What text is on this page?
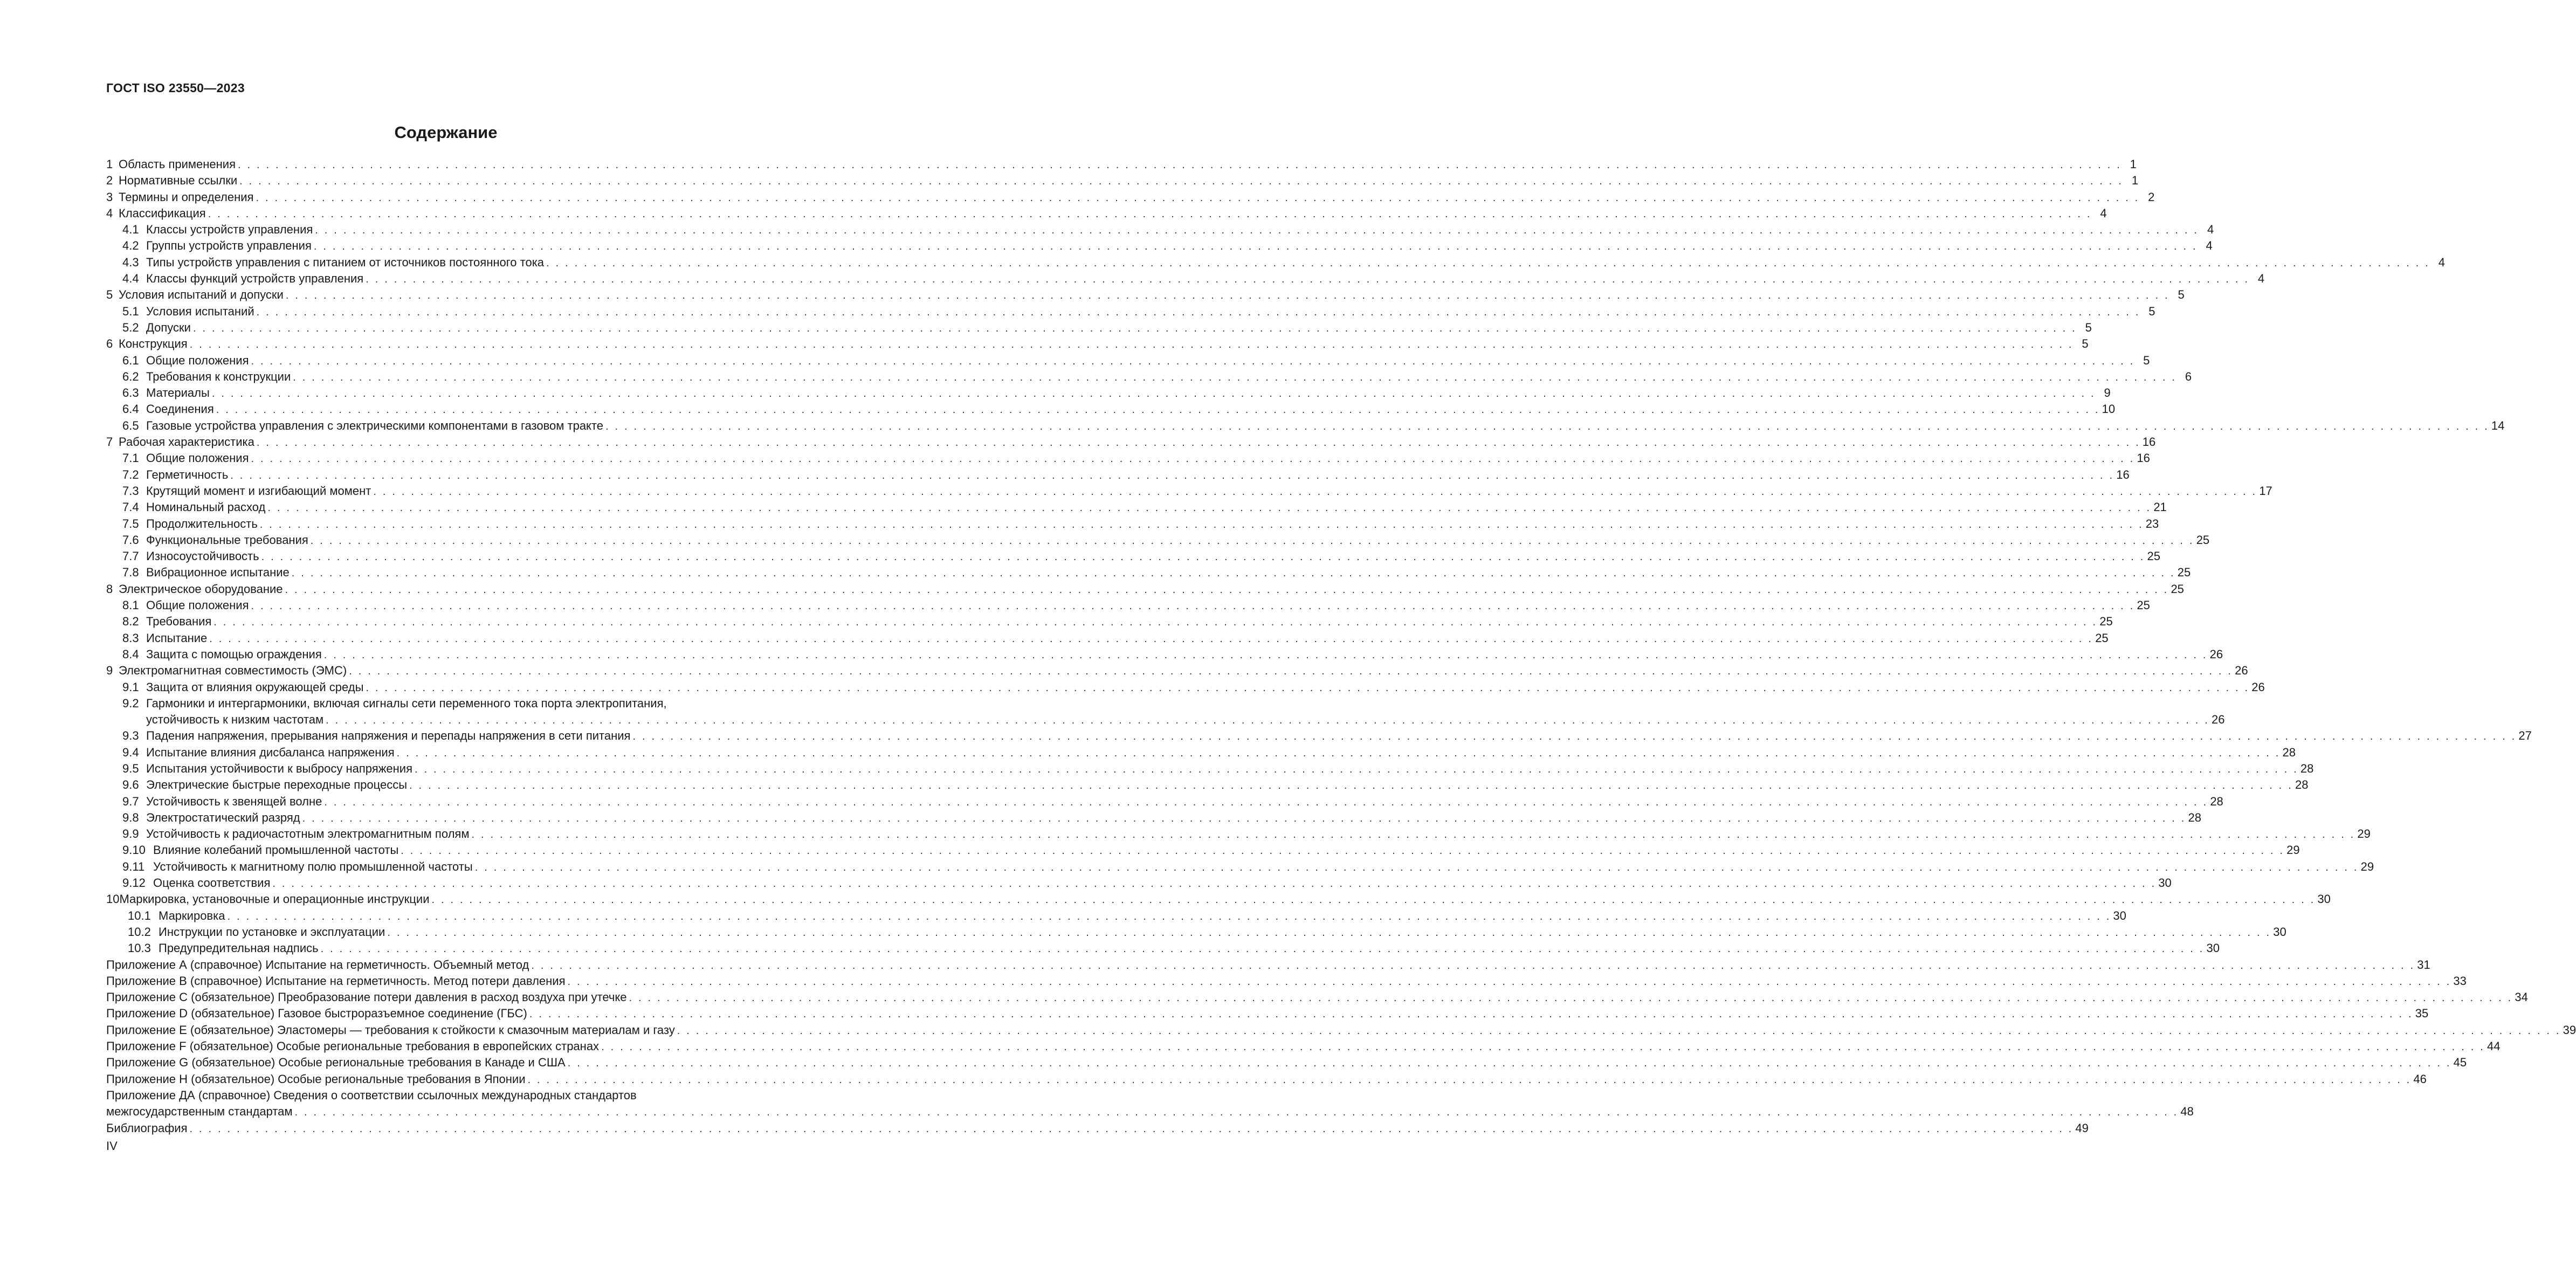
ГОСТ ISO 23550—2023
Содержание
1 Область применения . . . . . . . . . . . . . . . . . . . . . . . . . . . . . . . . . . . . . . . . . . . . . . . . . . . . . . . . . . . . . . . . . . . . . . . . . . . . . . . . . . . . . . . . . . . . . . . . . . . . . . . . . . . . . . . . . . . . . . . . . . . . . . . . . . . . . . . . . . . . . . . . . . . . . . . . . . . . . . . . . . . . . . . . . . . . . . . . . . . . . . . . . . . . . . . . . . . . . . . . 1
2 Нормативные ссылки . . . . . . . . . . . . . . . . . . . . . . . . . . . . . . . . . . . . . . . . . . . . . . . . . . . . . . . . . . . . . . . . . . . . . . . . . . . . . . . . . . . . . . . . . . . . . . . . . . . . . . . . . . . . . . . . . . . . . . . . . . . . . . . . . . . . . . . . . . . . . . . . . . . . . . . . . . . . . . . . . . . . . . . . . . . . . . . . . . . . . . . . . . . . . . . . . . . . . . . . 1
3 Термины и определения . . . . . . . . . . . . . . . . . . . . . . . . . . . . . . . . . . . . . . . . . . . . . . . . . . . . . . . . . . . . . . . . . . . . . . . . . . . . . . . . . . . . . . . . . . . . . . . . . . . . . . . . . . . . . . . . . . . . . . . . . . . . . . . . . . . . . . . . . . . . . . . . . . . . . . . . . . . . . . . . . . . . . . . . . . . . . . . . . . . . . . . . . . . . . . . . . . . . . . . . 2
4 Классификация . . . . . . . . . . . . . . . . . . . . . . . . . . . . . . . . . . . . . . . . . . . . . . . . . . . . . . . . . . . . . . . . . . . . . . . . . . . . . . . . . . . . . . . . . . . . . . . . . . . . . . . . . . . . . . . . . . . . . . . . . . . . . . . . . . . . . . . . . . . . . . . . . . . . . . . . . . . . . . . . . . . . . . . . . . . . . . . . . . . . . . . . . . . . . . . . . . . . . . . . 4
4.1 Классы устройств управления . . . . . . . . . . . . . . . . . . . . . . . . . . . . . . . . . . . . . . . . . . . . . . . . . . . . . . . . . . . . . . . . . . . . . . . . . . . . . . . . . . . . . . . . . . . . . . . . . . . . . . . . . . . . . . . . . . . . . . . . . . . . . . . . . . . . . . . . . . . . . . . . . . . . . . . . . . . . . . . . . . . . . . . . . . . . . . . . . . . . . . . . . . . . . . . . . . . . . . . . 4
4.2 Группы устройств управления . . . . . . . . . . . . . . . . . . . . . . . . . . . . . . . . . . . . . . . . . . . . . . . . . . . . . . . . . . . . . . . . . . . . . . . . . . . . . . . . . . . . . . . . . . . . . . . . . . . . . . . . . . . . . . . . . . . . . . . . . . . . . . . . . . . . . . . . . . . . . . . . . . . . . . . . . . . . . . . . . . . . . . . . . . . . . . . . . . . . . . . . . . . . . . . . . . . . . . . . 4
4.3 Типы устройств управления с питанием от источников постоянного тока . . . . . . . . . . . . . . . . . . . . . . . . . . . . . . . . . . . . . . . . . . . . . . . . . . . . . . . . . . . . . . . . . . . . . . . . . . . . . . . . . . . . . . . . . . . . . . . . . . . . . . . . . . . . . . . . . . . . . . . . . . . . . . . . . . . . . . . . . . . . . . . . . . . . . . . . . . . . . . . . . . . . . . . . . . . . . . . . . . . . . . . . . . . . . . . . . . . . . . . . 4
4.4 Классы функций устройств управления . . . . . . . . . . . . . . . . . . . . . . . . . . . . . . . . . . . . . . . . . . . . . . . . . . . . . . . . . . . . . . . . . . . . . . . . . . . . . . . . . . . . . . . . . . . . . . . . . . . . . . . . . . . . . . . . . . . . . . . . . . . . . . . . . . . . . . . . . . . . . . . . . . . . . . . . . . . . . . . . . . . . . . . . . . . . . . . . . . . . . . . . . . . . . . . . . . . . . . . . 4
5 Условия испытаний и допуски . . . . . . . . . . . . . . . . . . . . . . . . . . . . . . . . . . . . . . . . . . . . . . . . . . . . . . . . . . . . . . . . . . . . . . . . . . . . . . . . . . . . . . . . . . . . . . . . . . . . . . . . . . . . . . . . . . . . . . . . . . . . . . . . . . . . . . . . . . . . . . . . . . . . . . . . . . . . . . . . . . . . . . . . . . . . . . . . . . . . . . . . . . . . . . . . . . . . . . . . 5
5.1 Условия испытаний . . . . . . . . . . . . . . . . . . . . . . . . . . . . . . . . . . . . . . . . . . . . . . . . . . . . . . . . . . . . . . . . . . . . . . . . . . . . . . . . . . . . . . . . . . . . . . . . . . . . . . . . . . . . . . . . . . . . . . . . . . . . . . . . . . . . . . . . . . . . . . . . . . . . . . . . . . . . . . . . . . . . . . . . . . . . . . . . . . . . . . . . . . . . . . . . . . . . . . . . 5
5.2 Допуски . . . . . . . . . . . . . . . . . . . . . . . . . . . . . . . . . . . . . . . . . . . . . . . . . . . . . . . . . . . . . . . . . . . . . . . . . . . . . . . . . . . . . . . . . . . . . . . . . . . . . . . . . . . . . . . . . . . . . . . . . . . . . . . . . . . . . . . . . . . . . . . . . . . . . . . . . . . . . . . . . . . . . . . . . . . . . . . . . . . . . . . . . . . . . . . . . . . . . . . . 5
6 Конструкция . . . . . . . . . . . . . . . . . . . . . . . . . . . . . . . . . . . . . . . . . . . . . . . . . . . . . . . . . . . . . . . . . . . . . . . . . . . . . . . . . . . . . . . . . . . . . . . . . . . . . . . . . . . . . . . . . . . . . . . . . . . . . . . . . . . . . . . . . . . . . . . . . . . . . . . . . . . . . . . . . . . . . . . . . . . . . . . . . . . . . . . . . . . . . . . . . . . . . . . . 5
6.1 Общие положения . . . . . . . . . . . . . . . . . . . . . . . . . . . . . . . . . . . . . . . . . . . . . . . . . . . . . . . . . . . . . . . . . . . . . . . . . . . . . . . . . . . . . . . . . . . . . . . . . . . . . . . . . . . . . . . . . . . . . . . . . . . . . . . . . . . . . . . . . . . . . . . . . . . . . . . . . . . . . . . . . . . . . . . . . . . . . . . . . . . . . . . . . . . . . . . . . . . . . . . . 5
6.2 Требования к конструкции . . . . . . . . . . . . . . . . . . . . . . . . . . . . . . . . . . . . . . . . . . . . . . . . . . . . . . . . . . . . . . . . . . . . . . . . . . . . . . . . . . . . . . . . . . . . . . . . . . . . . . . . . . . . . . . . . . . . . . . . . . . . . . . . . . . . . . . . . . . . . . . . . . . . . . . . . . . . . . . . . . . . . . . . . . . . . . . . . . . . . . . . . . . . . . . . . . . . . . . . 6
6.3 Материалы . . . . . . . . . . . . . . . . . . . . . . . . . . . . . . . . . . . . . . . . . . . . . . . . . . . . . . . . . . . . . . . . . . . . . . . . . . . . . . . . . . . . . . . . . . . . . . . . . . . . . . . . . . . . . . . . . . . . . . . . . . . . . . . . . . . . . . . . . . . . . . . . . . . . . . . . . . . . . . . . . . . . . . . . . . . . . . . . . . . . . . . . . . . . . . . . . . . . . . . . 9
6.4 Соединения . . . . . . . . . . . . . . . . . . . . . . . . . . . . . . . . . . . . . . . . . . . . . . . . . . . . . . . . . . . . . . . . . . . . . . . . . . . . . . . . . . . . . . . . . . . . . . . . . . . . . . . . . . . . . . . . . . . . . . . . . . . . . . . . . . . . . . . . . . . . . . . . . . . . . . . . . . . . . . . . . . . . . . . . . . . . . . . . . . . . . . . . . . . . . . . . . . . . . . . . 10
6.5 Газовые устройства управления с электрическими компонентами в газовом тракте . . . . . . . . . . . . . . . . . . . . . . . . . . . . . . . . . . . . . . . . . . . . . . . . . . . . . . . . . . . . . . . . . . . . . . . . . . . . . . . . . . . . . . . . . . . . . . . . . . . . . . . . . . . . . . . . . . . . . . . . . . . . . . . . . . . . . . . . . . . . . . . . . . . . . . . . . . . . . . . . . . . . . . . . . . . . . . . . . . . . . . . . . . . . . . . . . . . . . . . . 14
7 Рабочая характеристика . . . . . . . . . . . . . . . . . . . . . . . . . . . . . . . . . . . . . . . . . . . . . . . . . . . . . . . . . . . . . . . . . . . . . . . . . . . . . . . . . . . . . . . . . . . . . . . . . . . . . . . . . . . . . . . . . . . . . . . . . . . . . . . . . . . . . . . . . . . . . . . . . . . . . . . . . . . . . . . . . . . . . . . . . . . . . . . . . . . . . . . . . . . . . . . . . . . . . . . . 16
7.1 Общие положения . . . . . . . . . . . . . . . . . . . . . . . . . . . . . . . . . . . . . . . . . . . . . . . . . . . . . . . . . . . . . . . . . . . . . . . . . . . . . . . . . . . . . . . . . . . . . . . . . . . . . . . . . . . . . . . . . . . . . . . . . . . . . . . . . . . . . . . . . . . . . . . . . . . . . . . . . . . . . . . . . . . . . . . . . . . . . . . . . . . . . . . . . . . . . . . . . . . . . . . . 16
7.2 Герметичность . . . . . . . . . . . . . . . . . . . . . . . . . . . . . . . . . . . . . . . . . . . . . . . . . . . . . . . . . . . . . . . . . . . . . . . . . . . . . . . . . . . . . . . . . . . . . . . . . . . . . . . . . . . . . . . . . . . . . . . . . . . . . . . . . . . . . . . . . . . . . . . . . . . . . . . . . . . . . . . . . . . . . . . . . . . . . . . . . . . . . . . . . . . . . . . . . . . . . . . . 16
7.3 Крутящий момент и изгибающий момент . . . . . . . . . . . . . . . . . . . . . . . . . . . . . . . . . . . . . . . . . . . . . . . . . . . . . . . . . . . . . . . . . . . . . . . . . . . . . . . . . . . . . . . . . . . . . . . . . . . . . . . . . . . . . . . . . . . . . . . . . . . . . . . . . . . . . . . . . . . . . . . . . . . . . . . . . . . . . . . . . . . . . . . . . . . . . . . . . . . . . . . . . . . . . . . . . . . . . . . . 17
7.4 Номинальный расход . . . . . . . . . . . . . . . . . . . . . . . . . . . . . . . . . . . . . . . . . . . . . . . . . . . . . . . . . . . . . . . . . . . . . . . . . . . . . . . . . . . . . . . . . . . . . . . . . . . . . . . . . . . . . . . . . . . . . . . . . . . . . . . . . . . . . . . . . . . . . . . . . . . . . . . . . . . . . . . . . . . . . . . . . . . . . . . . . . . . . . . . . . . . . . . . . . . . . . . . 21
7.5 Продолжительность . . . . . . . . . . . . . . . . . . . . . . . . . . . . . . . . . . . . . . . . . . . . . . . . . . . . . . . . . . . . . . . . . . . . . . . . . . . . . . . . . . . . . . . . . . . . . . . . . . . . . . . . . . . . . . . . . . . . . . . . . . . . . . . . . . . . . . . . . . . . . . . . . . . . . . . . . . . . . . . . . . . . . . . . . . . . . . . . . . . . . . . . . . . . . . . . . . . . . . . . 23
7.6 Функциональные требования . . . . . . . . . . . . . . . . . . . . . . . . . . . . . . . . . . . . . . . . . . . . . . . . . . . . . . . . . . . . . . . . . . . . . . . . . . . . . . . . . . . . . . . . . . . . . . . . . . . . . . . . . . . . . . . . . . . . . . . . . . . . . . . . . . . . . . . . . . . . . . . . . . . . . . . . . . . . . . . . . . . . . . . . . . . . . . . . . . . . . . . . . . . . . . . . . . . . . . . . 25
7.7 Износоустойчивость . . . . . . . . . . . . . . . . . . . . . . . . . . . . . . . . . . . . . . . . . . . . . . . . . . . . . . . . . . . . . . . . . . . . . . . . . . . . . . . . . . . . . . . . . . . . . . . . . . . . . . . . . . . . . . . . . . . . . . . . . . . . . . . . . . . . . . . . . . . . . . . . . . . . . . . . . . . . . . . . . . . . . . . . . . . . . . . . . . . . . . . . . . . . . . . . . . . . . . . . 25
7.8 Вибрационное испытание . . . . . . . . . . . . . . . . . . . . . . . . . . . . . . . . . . . . . . . . . . . . . . . . . . . . . . . . . . . . . . . . . . . . . . . . . . . . . . . . . . . . . . . . . . . . . . . . . . . . . . . . . . . . . . . . . . . . . . . . . . . . . . . . . . . . . . . . . . . . . . . . . . . . . . . . . . . . . . . . . . . . . . . . . . . . . . . . . . . . . . . . . . . . . . . . . . . . . . . . 25
8 Электрическое оборудование . . . . . . . . . . . . . . . . . . . . . . . . . . . . . . . . . . . . . . . . . . . . . . . . . . . . . . . . . . . . . . . . . . . . . . . . . . . . . . . . . . . . . . . . . . . . . . . . . . . . . . . . . . . . . . . . . . . . . . . . . . . . . . . . . . . . . . . . . . . . . . . . . . . . . . . . . . . . . . . . . . . . . . . . . . . . . . . . . . . . . . . . . . . . . . . . . . . . . . . . 25
8.1 Общие положения . . . . . . . . . . . . . . . . . . . . . . . . . . . . . . . . . . . . . . . . . . . . . . . . . . . . . . . . . . . . . . . . . . . . . . . . . . . . . . . . . . . . . . . . . . . . . . . . . . . . . . . . . . . . . . . . . . . . . . . . . . . . . . . . . . . . . . . . . . . . . . . . . . . . . . . . . . . . . . . . . . . . . . . . . . . . . . . . . . . . . . . . . . . . . . . . . . . . . . . . 25
8.2 Требования . . . . . . . . . . . . . . . . . . . . . . . . . . . . . . . . . . . . . . . . . . . . . . . . . . . . . . . . . . . . . . . . . . . . . . . . . . . . . . . . . . . . . . . . . . . . . . . . . . . . . . . . . . . . . . . . . . . . . . . . . . . . . . . . . . . . . . . . . . . . . . . . . . . . . . . . . . . . . . . . . . . . . . . . . . . . . . . . . . . . . . . . . . . . . . . . . . . . . . . . 25
8.3 Испытание . . . . . . . . . . . . . . . . . . . . . . . . . . . . . . . . . . . . . . . . . . . . . . . . . . . . . . . . . . . . . . . . . . . . . . . . . . . . . . . . . . . . . . . . . . . . . . . . . . . . . . . . . . . . . . . . . . . . . . . . . . . . . . . . . . . . . . . . . . . . . . . . . . . . . . . . . . . . . . . . . . . . . . . . . . . . . . . . . . . . . . . . . . . . . . . . . . . . . . . . 25
8.4 Защита с помощью ограждения . . . . . . . . . . . . . . . . . . . . . . . . . . . . . . . . . . . . . . . . . . . . . . . . . . . . . . . . . . . . . . . . . . . . . . . . . . . . . . . . . . . . . . . . . . . . . . . . . . . . . . . . . . . . . . . . . . . . . . . . . . . . . . . . . . . . . . . . . . . . . . . . . . . . . . . . . . . . . . . . . . . . . . . . . . . . . . . . . . . . . . . . . . . . . . . . . . . . . . . . 26
9 Электромагнитная совместимость (ЭМС) . . . . . . . . . . . . . . . . . . . . . . . . . . . . . . . . . . . . . . . . . . . . . . . . . . . . . . . . . . . . . . . . . . . . . . . . . . . . . . . . . . . . . . . . . . . . . . . . . . . . . . . . . . . . . . . . . . . . . . . . . . . . . . . . . . . . . . . . . . . . . . . . . . . . . . . . . . . . . . . . . . . . . . . . . . . . . . . . . . . . . . . . . . . . . . . . . . . . . . . . 26
9.1 Защита от влияния окружающей среды . . . . . . . . . . . . . . . . . . . . . . . . . . . . . . . . . . . . . . . . . . . . . . . . . . . . . . . . . . . . . . . . . . . . . . . . . . . . . . . . . . . . . . . . . . . . . . . . . . . . . . . . . . . . . . . . . . . . . . . . . . . . . . . . . . . . . . . . . . . . . . . . . . . . . . . . . . . . . . . . . . . . . . . . . . . . . . . . . . . . . . . . . . . . . . . . . . . . . . . . 26
9.2 Гармоники и интергармоники, включая сигналы сети переменного тока порта электропитания,
устойчивость к низким частотам . . . . . . . . . . . . . . . . . . . . . . . . . . . . . . . . . . . . . . . . . . . . . . . . . . . . . . . . . . . . . . . . . . . . . . . . . . . . . . . . . . . . . . . . . . . . . . . . . . . . . . . . . . . . . . . . . . . . . . . . . . . . . . . . . . . . . . . . . . . . . . . . . . . . . . . . . . . . . . . . . . . . . . . . . . . . . . . . . . . . . . . . . . . . . . . . . . . . . . . . 26
9.3 Падения напряжения, прерывания напряжения и перепады напряжения в сети питания . . . . . . . . . . . . . . . . . . . . . . . . . . . . . . . . . . . . . . . . . . . . . . . . . . . . . . . . . . . . . . . . . . . . . . . . . . . . . . . . . . . . . . . . . . . . . . . . . . . . . . . . . . . . . . . . . . . . . . . . . . . . . . . . . . . . . . . . . . . . . . . . . . . . . . . . . . . . . . . . . . . . . . . . . . . . . . . . . . . . . . . . . . . . . . . . . . . . . . . . 27
9.4 Испытание влияния дисбаланса напряжения . . . . . . . . . . . . . . . . . . . . . . . . . . . . . . . . . . . . . . . . . . . . . . . . . . . . . . . . . . . . . . . . . . . . . . . . . . . . . . . . . . . . . . . . . . . . . . . . . . . . . . . . . . . . . . . . . . . . . . . . . . . . . . . . . . . . . . . . . . . . . . . . . . . . . . . . . . . . . . . . . . . . . . . . . . . . . . . . . . . . . . . . . . . . . . . . . . . . . . . . 28
9.5 Испытания устойчивости к выбросу напряжения . . . . . . . . . . . . . . . . . . . . . . . . . . . . . . . . . . . . . . . . . . . . . . . . . . . . . . . . . . . . . . . . . . . . . . . . . . . . . . . . . . . . . . . . . . . . . . . . . . . . . . . . . . . . . . . . . . . . . . . . . . . . . . . . . . . . . . . . . . . . . . . . . . . . . . . . . . . . . . . . . . . . . . . . . . . . . . . . . . . . . . . . . . . . . . . . . . . . . . . . 28
9.6 Электрические быстрые переходные процессы . . . . . . . . . . . . . . . . . . . . . . . . . . . . . . . . . . . . . . . . . . . . . . . . . . . . . . . . . . . . . . . . . . . . . . . . . . . . . . . . . . . . . . . . . . . . . . . . . . . . . . . . . . . . . . . . . . . . . . . . . . . . . . . . . . . . . . . . . . . . . . . . . . . . . . . . . . . . . . . . . . . . . . . . . . . . . . . . . . . . . . . . . . . . . . . . . . . . . . . . 28
9.7 Устойчивость к звенящей волне . . . . . . . . . . . . . . . . . . . . . . . . . . . . . . . . . . . . . . . . . . . . . . . . . . . . . . . . . . . . . . . . . . . . . . . . . . . . . . . . . . . . . . . . . . . . . . . . . . . . . . . . . . . . . . . . . . . . . . . . . . . . . . . . . . . . . . . . . . . . . . . . . . . . . . . . . . . . . . . . . . . . . . . . . . . . . . . . . . . . . . . . . . . . . . . . . . . . . . . . 28
9.8 Электростатический разряд . . . . . . . . . . . . . . . . . . . . . . . . . . . . . . . . . . . . . . . . . . . . . . . . . . . . . . . . . . . . . . . . . . . . . . . . . . . . . . . . . . . . . . . . . . . . . . . . . . . . . . . . . . . . . . . . . . . . . . . . . . . . . . . . . . . . . . . . . . . . . . . . . . . . . . . . . . . . . . . . . . . . . . . . . . . . . . . . . . . . . . . . . . . . . . . . . . . . . . . . 28
9.9 Устойчивость к радиочастотным электромагнитным полям . . . . . . . . . . . . . . . . . . . . . . . . . . . . . . . . . . . . . . . . . . . . . . . . . . . . . . . . . . . . . . . . . . . . . . . . . . . . . . . . . . . . . . . . . . . . . . . . . . . . . . . . . . . . . . . . . . . . . . . . . . . . . . . . . . . . . . . . . . . . . . . . . . . . . . . . . . . . . . . . . . . . . . . . . . . . . . . . . . . . . . . . . . . . . . . . . . . . . . . . 29
9.10 Влияние колебаний промышленной частоты . . . . . . . . . . . . . . . . . . . . . . . . . . . . . . . . . . . . . . . . . . . . . . . . . . . . . . . . . . . . . . . . . . . . . . . . . . . . . . . . . . . . . . . . . . . . . . . . . . . . . . . . . . . . . . . . . . . . . . . . . . . . . . . . . . . . . . . . . . . . . . . . . . . . . . . . . . . . . . . . . . . . . . . . . . . . . . . . . . . . . . . . . . . . . . . . . . . . . . . . 29
9.11 Устойчивость к магнитному полю промышленной частоты . . . . . . . . . . . . . . . . . . . . . . . . . . . . . . . . . . . . . . . . . . . . . . . . . . . . . . . . . . . . . . . . . . . . . . . . . . . . . . . . . . . . . . . . . . . . . . . . . . . . . . . . . . . . . . . . . . . . . . . . . . . . . . . . . . . . . . . . . . . . . . . . . . . . . . . . . . . . . . . . . . . . . . . . . . . . . . . . . . . . . . . . . . . . . . . . . . . . . . . . 29
9.12 Оценка соответствия . . . . . . . . . . . . . . . . . . . . . . . . . . . . . . . . . . . . . . . . . . . . . . . . . . . . . . . . . . . . . . . . . . . . . . . . . . . . . . . . . . . . . . . . . . . . . . . . . . . . . . . . . . . . . . . . . . . . . . . . . . . . . . . . . . . . . . . . . . . . . . . . . . . . . . . . . . . . . . . . . . . . . . . . . . . . . . . . . . . . . . . . . . . . . . . . . . . . . . . . 30
10Маркировка, установочные и операционные инструкции . . . . . . . . . . . . . . . . . . . . . . . . . . . . . . . . . . . . . . . . . . . . . . . . . . . . . . . . . . . . . . . . . . . . . . . . . . . . . . . . . . . . . . . . . . . . . . . . . . . . . . . . . . . . . . . . . . . . . . . . . . . . . . . . . . . . . . . . . . . . . . . . . . . . . . . . . . . . . . . . . . . . . . . . . . . . . . . . . . . . . . . . . . . . . . . . . . . . . . . . 30
10.1 Маркировка . . . . . . . . . . . . . . . . . . . . . . . . . . . . . . . . . . . . . . . . . . . . . . . . . . . . . . . . . . . . . . . . . . . . . . . . . . . . . . . . . . . . . . . . . . . . . . . . . . . . . . . . . . . . . . . . . . . . . . . . . . . . . . . . . . . . . . . . . . . . . . . . . . . . . . . . . . . . . . . . . . . . . . . . . . . . . . . . . . . . . . . . . . . . . . . . . . . . . . . . 30
10.2 Инструкции по установке и эксплуатации . . . . . . . . . . . . . . . . . . . . . . . . . . . . . . . . . . . . . . . . . . . . . . . . . . . . . . . . . . . . . . . . . . . . . . . . . . . . . . . . . . . . . . . . . . . . . . . . . . . . . . . . . . . . . . . . . . . . . . . . . . . . . . . . . . . . . . . . . . . . . . . . . . . . . . . . . . . . . . . . . . . . . . . . . . . . . . . . . . . . . . . . . . . . . . . . . . . . . . . . 30
10.3 Предупредительная надпись . . . . . . . . . . . . . . . . . . . . . . . . . . . . . . . . . . . . . . . . . . . . . . . . . . . . . . . . . . . . . . . . . . . . . . . . . . . . . . . . . . . . . . . . . . . . . . . . . . . . . . . . . . . . . . . . . . . . . . . . . . . . . . . . . . . . . . . . . . . . . . . . . . . . . . . . . . . . . . . . . . . . . . . . . . . . . . . . . . . . . . . . . . . . . . . . . . . . . . . . 30
Приложение А (справочное) Испытание на герметичность. Объемный метод . . . . . . . . . . . . . . . . . . . . . . . . . . . . . . . . . . . . . . . . . . . . . . . . . . . . . . . . . . . . . . . . . . . . . . . . . . . . . . . . . . . . . . . . . . . . . . . . . . . . . . . . . . . . . . . . . . . . . . . . . . . . . . . . . . . . . . . . . . . . . . . . . . . . . . . . . . . . . . . . . . . . . . . . . . . . . . . . . . . . . . . . . . . . . . . . . . . . . . . . 31
Приложение В (справочное) Испытание на герметичность. Метод потери давления . . . . . . . . . . . . . . . . . . . . . . . . . . . . . . . . . . . . . . . . . . . . . . . . . . . . . . . . . . . . . . . . . . . . . . . . . . . . . . . . . . . . . . . . . . . . . . . . . . . . . . . . . . . . . . . . . . . . . . . . . . . . . . . . . . . . . . . . . . . . . . . . . . . . . . . . . . . . . . . . . . . . . . . . . . . . . . . . . . . . . . . . . . . . . . . . . . . . . . . . 33
Приложение С (обязательное) Преобразование потери давления в расход воздуха при утечке . . . . . . . . . . . . . . . . . . . . . . . . . . . . . . . . . . . . . . . . . . . . . . . . . . . . . . . . . . . . . . . . . . . . . . . . . . . . . . . . . . . . . . . . . . . . . . . . . . . . . . . . . . . . . . . . . . . . . . . . . . . . . . . . . . . . . . . . . . . . . . . . . . . . . . . . . . . . . . . . . . . . . . . . . . . . . . . . . . . . . . . . . . . . . . . . . . . . . . . . 34
Приложение D (обязательное) Газовое быстроразъемное соединение (ГБС) . . . . . . . . . . . . . . . . . . . . . . . . . . . . . . . . . . . . . . . . . . . . . . . . . . . . . . . . . . . . . . . . . . . . . . . . . . . . . . . . . . . . . . . . . . . . . . . . . . . . . . . . . . . . . . . . . . . . . . . . . . . . . . . . . . . . . . . . . . . . . . . . . . . . . . . . . . . . . . . . . . . . . . . . . . . . . . . . . . . . . . . . . . . . . . . . . . . . . . . . 35
Приложение Е (обязательное) Эластомеры — требования к стойкости к смазочным материалам и газу . . . . . . . . . . . . . . . . . . . . . . . . . . . . . . . . . . . . . . . . . . . . . . . . . . . . . . . . . . . . . . . . . . . . . . . . . . . . . . . . . . . . . . . . . . . . . . . . . . . . . . . . . . . . . . . . . . . . . . . . . . . . . . . . . . . . . . . . . . . . . . . . . . . . . . . . . . . . . . . . . . . . . . . . . . . . . . . . . . . . . . . . . . . . . . . . . . . . . . . . 39
Приложение F (обязательное) Особые региональные требования в европейских странах . . . . . . . . . . . . . . . . . . . . . . . . . . . . . . . . . . . . . . . . . . . . . . . . . . . . . . . . . . . . . . . . . . . . . . . . . . . . . . . . . . . . . . . . . . . . . . . . . . . . . . . . . . . . . . . . . . . . . . . . . . . . . . . . . . . . . . . . . . . . . . . . . . . . . . . . . . . . . . . . . . . . . . . . . . . . . . . . . . . . . . . . . . . . . . . . . . . . . . . . 44
Приложение G (обязательное) Особые региональные требования в Канаде и США . . . . . . . . . . . . . . . . . . . . . . . . . . . . . . . . . . . . . . . . . . . . . . . . . . . . . . . . . . . . . . . . . . . . . . . . . . . . . . . . . . . . . . . . . . . . . . . . . . . . . . . . . . . . . . . . . . . . . . . . . . . . . . . . . . . . . . . . . . . . . . . . . . . . . . . . . . . . . . . . . . . . . . . . . . . . . . . . . . . . . . . . . . . . . . . . . . . . . . . . 45
Приложение Н (обязательное) Особые региональные требования в Японии . . . . . . . . . . . . . . . . . . . . . . . . . . . . . . . . . . . . . . . . . . . . . . . . . . . . . . . . . . . . . . . . . . . . . . . . . . . . . . . . . . . . . . . . . . . . . . . . . . . . . . . . . . . . . . . . . . . . . . . . . . . . . . . . . . . . . . . . . . . . . . . . . . . . . . . . . . . . . . . . . . . . . . . . . . . . . . . . . . . . . . . . . . . . . . . . . . . . . . . . 46
Приложение ДА (справочное) Сведения о соответствии ссылочных международных стандартов
межгосударственным стандартам . . . . . . . . . . . . . . . . . . . . . . . . . . . . . . . . . . . . . . . . . . . . . . . . . . . . . . . . . . . . . . . . . . . . . . . . . . . . . . . . . . . . . . . . . . . . . . . . . . . . . . . . . . . . . . . . . . . . . . . . . . . . . . . . . . . . . . . . . . . . . . . . . . . . . . . . . . . . . . . . . . . . . . . . . . . . . . . . . . . . . . . . . . . . . . . . . . . . . . . . 48
Библиография . . . . . . . . . . . . . . . . . . . . . . . . . . . . . . . . . . . . . . . . . . . . . . . . . . . . . . . . . . . . . . . . . . . . . . . . . . . . . . . . . . . . . . . . . . . . . . . . . . . . . . . . . . . . . . . . . . . . . . . . . . . . . . . . . . . . . . . . . . . . . . . . . . . . . . . . . . . . . . . . . . . . . . . . . . . . . . . . . . . . . . . . . . . . . . . . . . . . . . . . 49
IV
